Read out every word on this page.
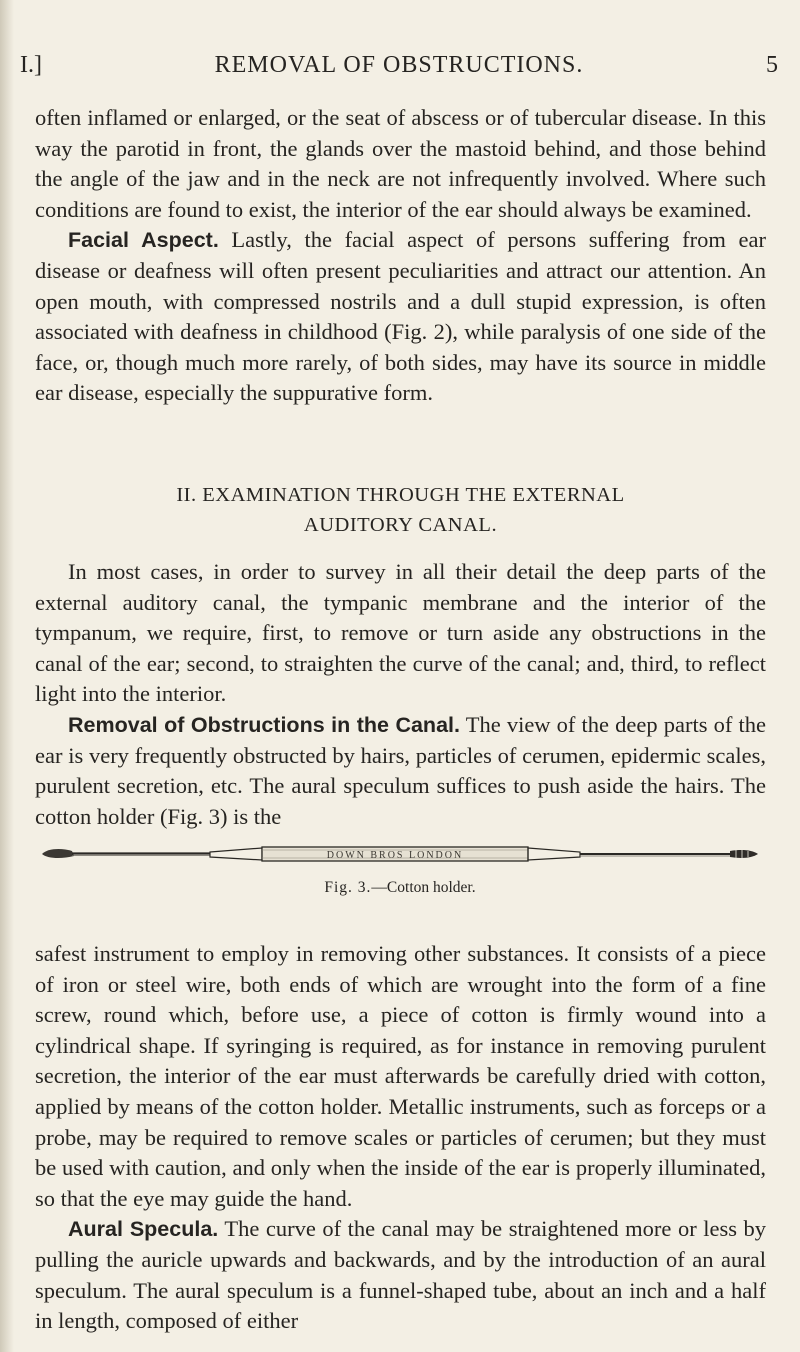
I.]	REMOVAL OF OBSTRUCTIONS.	5

often inflamed or enlarged, or the seat of abscess or of tubercular disease. In this way the parotid in front, the glands over the mastoid behind, and those behind the angle of the jaw and in the neck are not infrequently involved. Where such conditions are found to exist, the interior of the ear should always be examined.

Facial Aspect. Lastly, the facial aspect of persons suffering from ear disease or deafness will often present peculiarities and attract our attention. An open mouth, with compressed nostrils and a dull stupid expression, is often associated with deafness in childhood (Fig. 2), while paralysis of one side of the face, or, though much more rarely, of both sides, may have its source in middle ear disease, especially the suppurative form.

II. EXAMINATION THROUGH THE EXTERNAL
AUDITORY CANAL.

In most cases, in order to survey in all their detail the deep parts of the external auditory canal, the tympanic membrane and the interior of the tympanum, we require, first, to remove or turn aside any obstructions in the canal of the ear; second, to straighten the curve of the canal; and, third, to reflect light into the interior.

Removal of Obstructions in the Canal. The view of the deep parts of the ear is very frequently obstructed by hairs, particles of cerumen, epidermic scales, purulent secretion, etc. The aural speculum suffices to push aside the hairs. The cotton holder (Fig. 3) is the

DOWN BROS LONDON
Fig. 3.—Cotton holder.

safest instrument to employ in removing other substances. It consists of a piece of iron or steel wire, both ends of which are wrought into the form of a fine screw, round which, before use, a piece of cotton is firmly wound into a cylindrical shape. If syringing is required, as for instance in removing purulent secretion, the interior of the ear must afterwards be carefully dried with cotton, applied by means of the cotton holder. Metallic instruments, such as forceps or a probe, may be required to remove scales or particles of cerumen; but they must be used with caution, and only when the inside of the ear is properly illuminated, so that the eye may guide the hand.

Aural Specula. The curve of the canal may be straightened more or less by pulling the auricle upwards and backwards, and by the introduction of an aural speculum. The aural speculum is a funnel-shaped tube, about an inch and a half in length, composed of either
